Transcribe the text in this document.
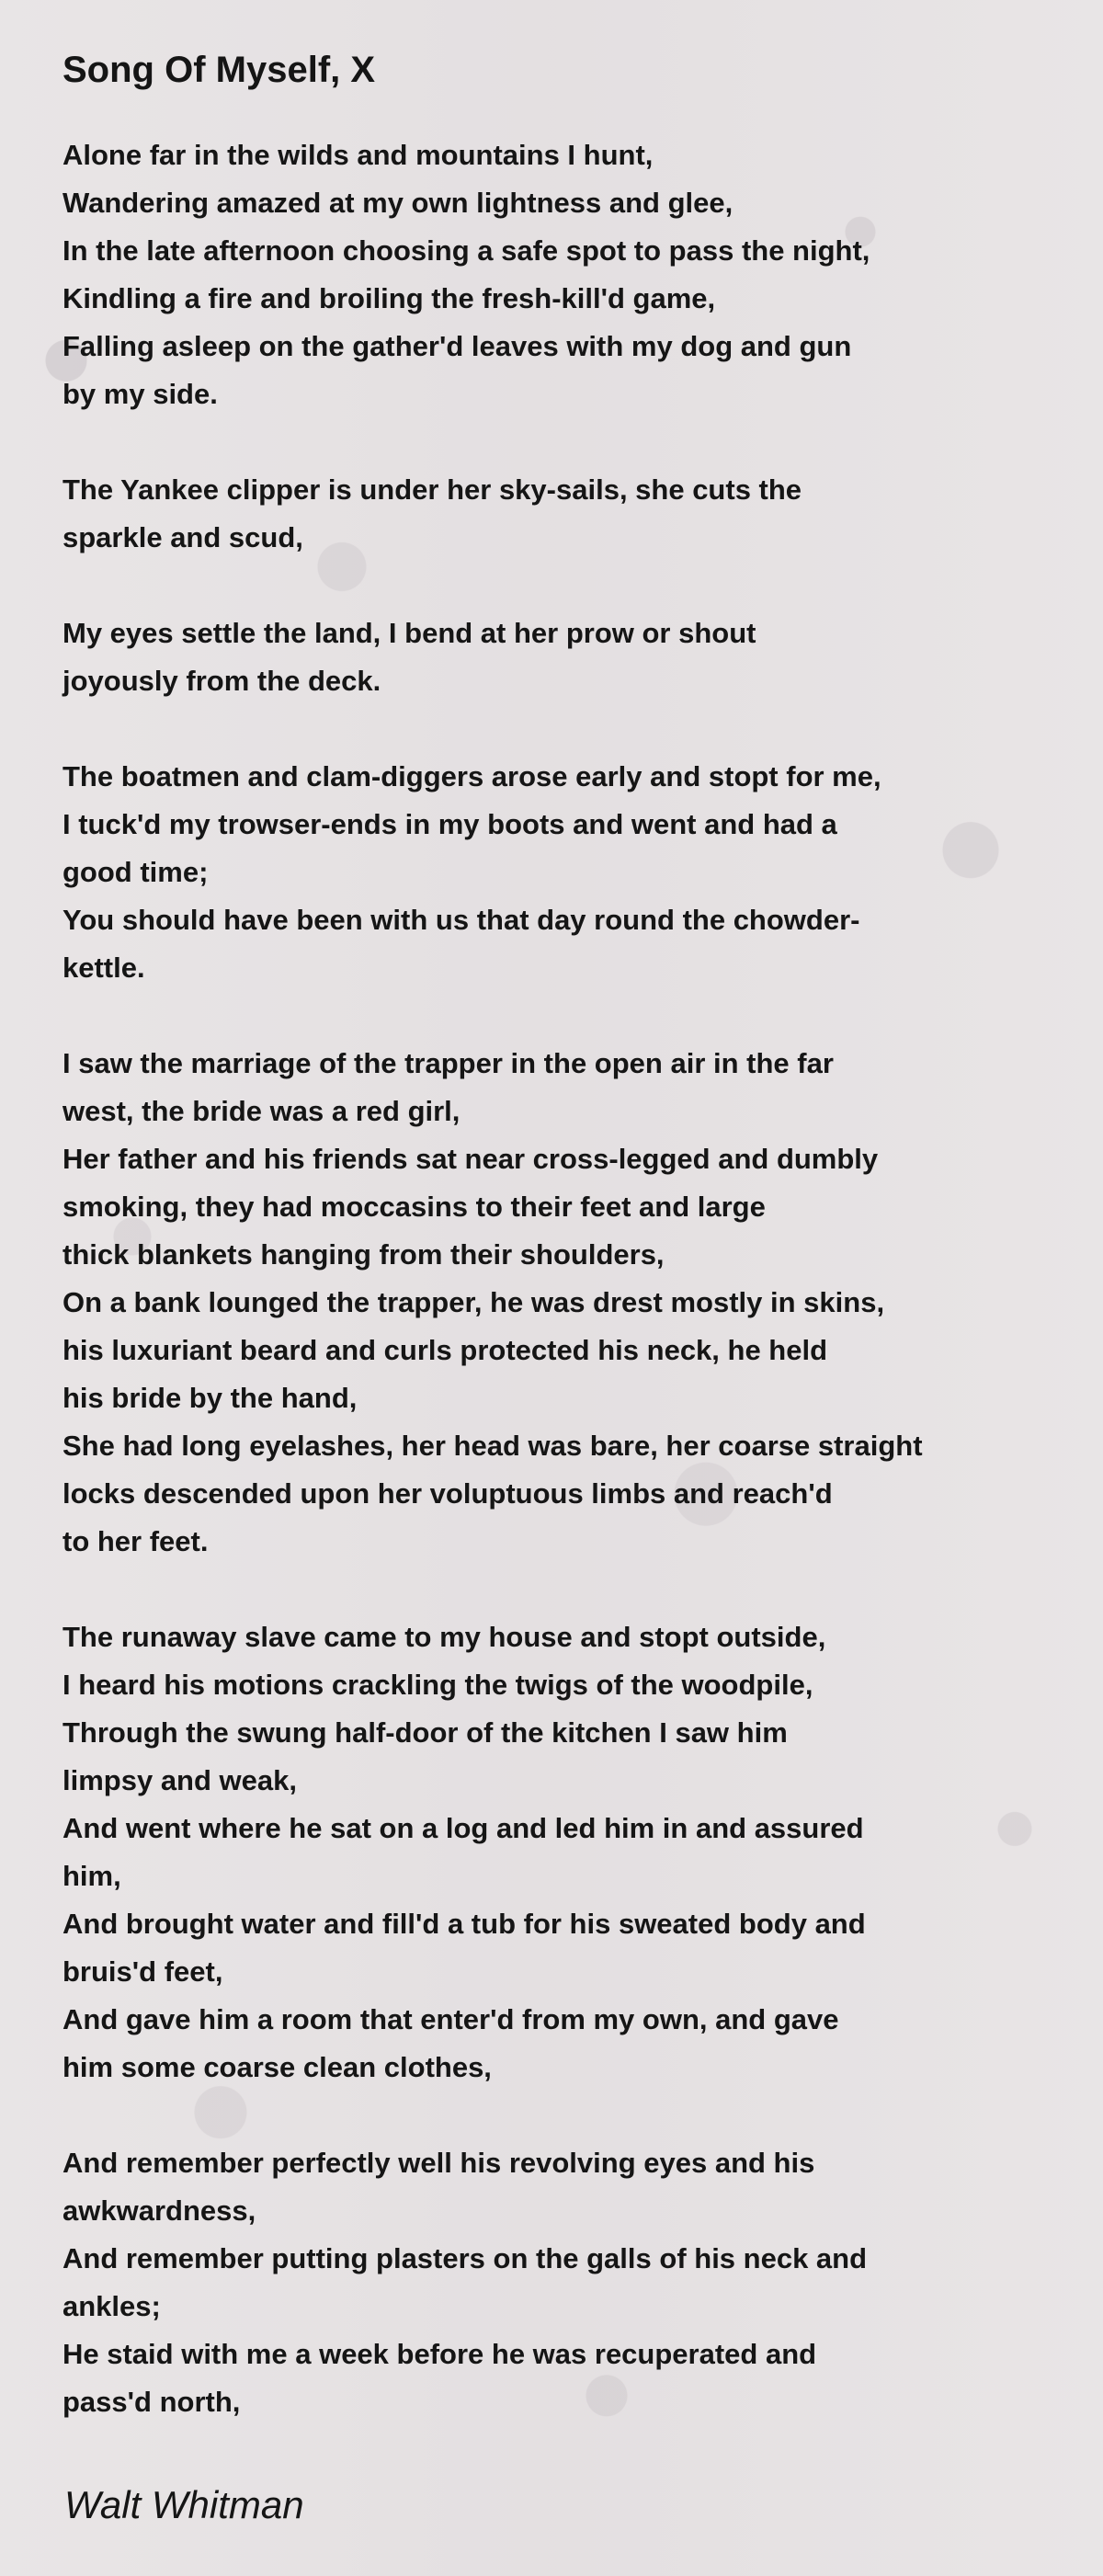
Song Of Myself, X
Alone far in the wilds and mountains I hunt,
Wandering amazed at my own lightness and glee,
In the late afternoon choosing a safe spot to pass the night,
Kindling a fire and broiling the fresh-kill'd game,
Falling asleep on the gather'd leaves with my dog and gun
by my side.
The Yankee clipper is under her sky-sails, she cuts the
sparkle and scud,
My eyes settle the land, I bend at her prow or shout
joyously from the deck.
The boatmen and clam-diggers arose early and stopt for me,
I tuck'd my trowser-ends in my boots and went and had a
good time;
You should have been with us that day round the chowder-
kettle.
I saw the marriage of the trapper in the open air in the far
west, the bride was a red girl,
Her father and his friends sat near cross-legged and dumbly
smoking, they had moccasins to their feet and large
thick blankets hanging from their shoulders,
On a bank lounged the trapper, he was drest mostly in skins,
his luxuriant beard and curls protected his neck, he held
his bride by the hand,
She had long eyelashes, her head was bare, her coarse straight
locks descended upon her voluptuous limbs and reach'd
to her feet.
The runaway slave came to my house and stopt outside,
I heard his motions crackling the twigs of the woodpile,
Through the swung half-door of the kitchen I saw him
limpsy and weak,
And went where he sat on a log and led him in and assured
him,
And brought water and fill'd a tub for his sweated body and
bruis'd feet,
And gave him a room that enter'd from my own, and gave
him some coarse clean clothes,
And remember perfectly well his revolving eyes and his
awkwardness,
And remember putting plasters on the galls of his neck and
ankles;
He staid with me a week before he was recuperated and
pass'd north,
Walt Whitman
